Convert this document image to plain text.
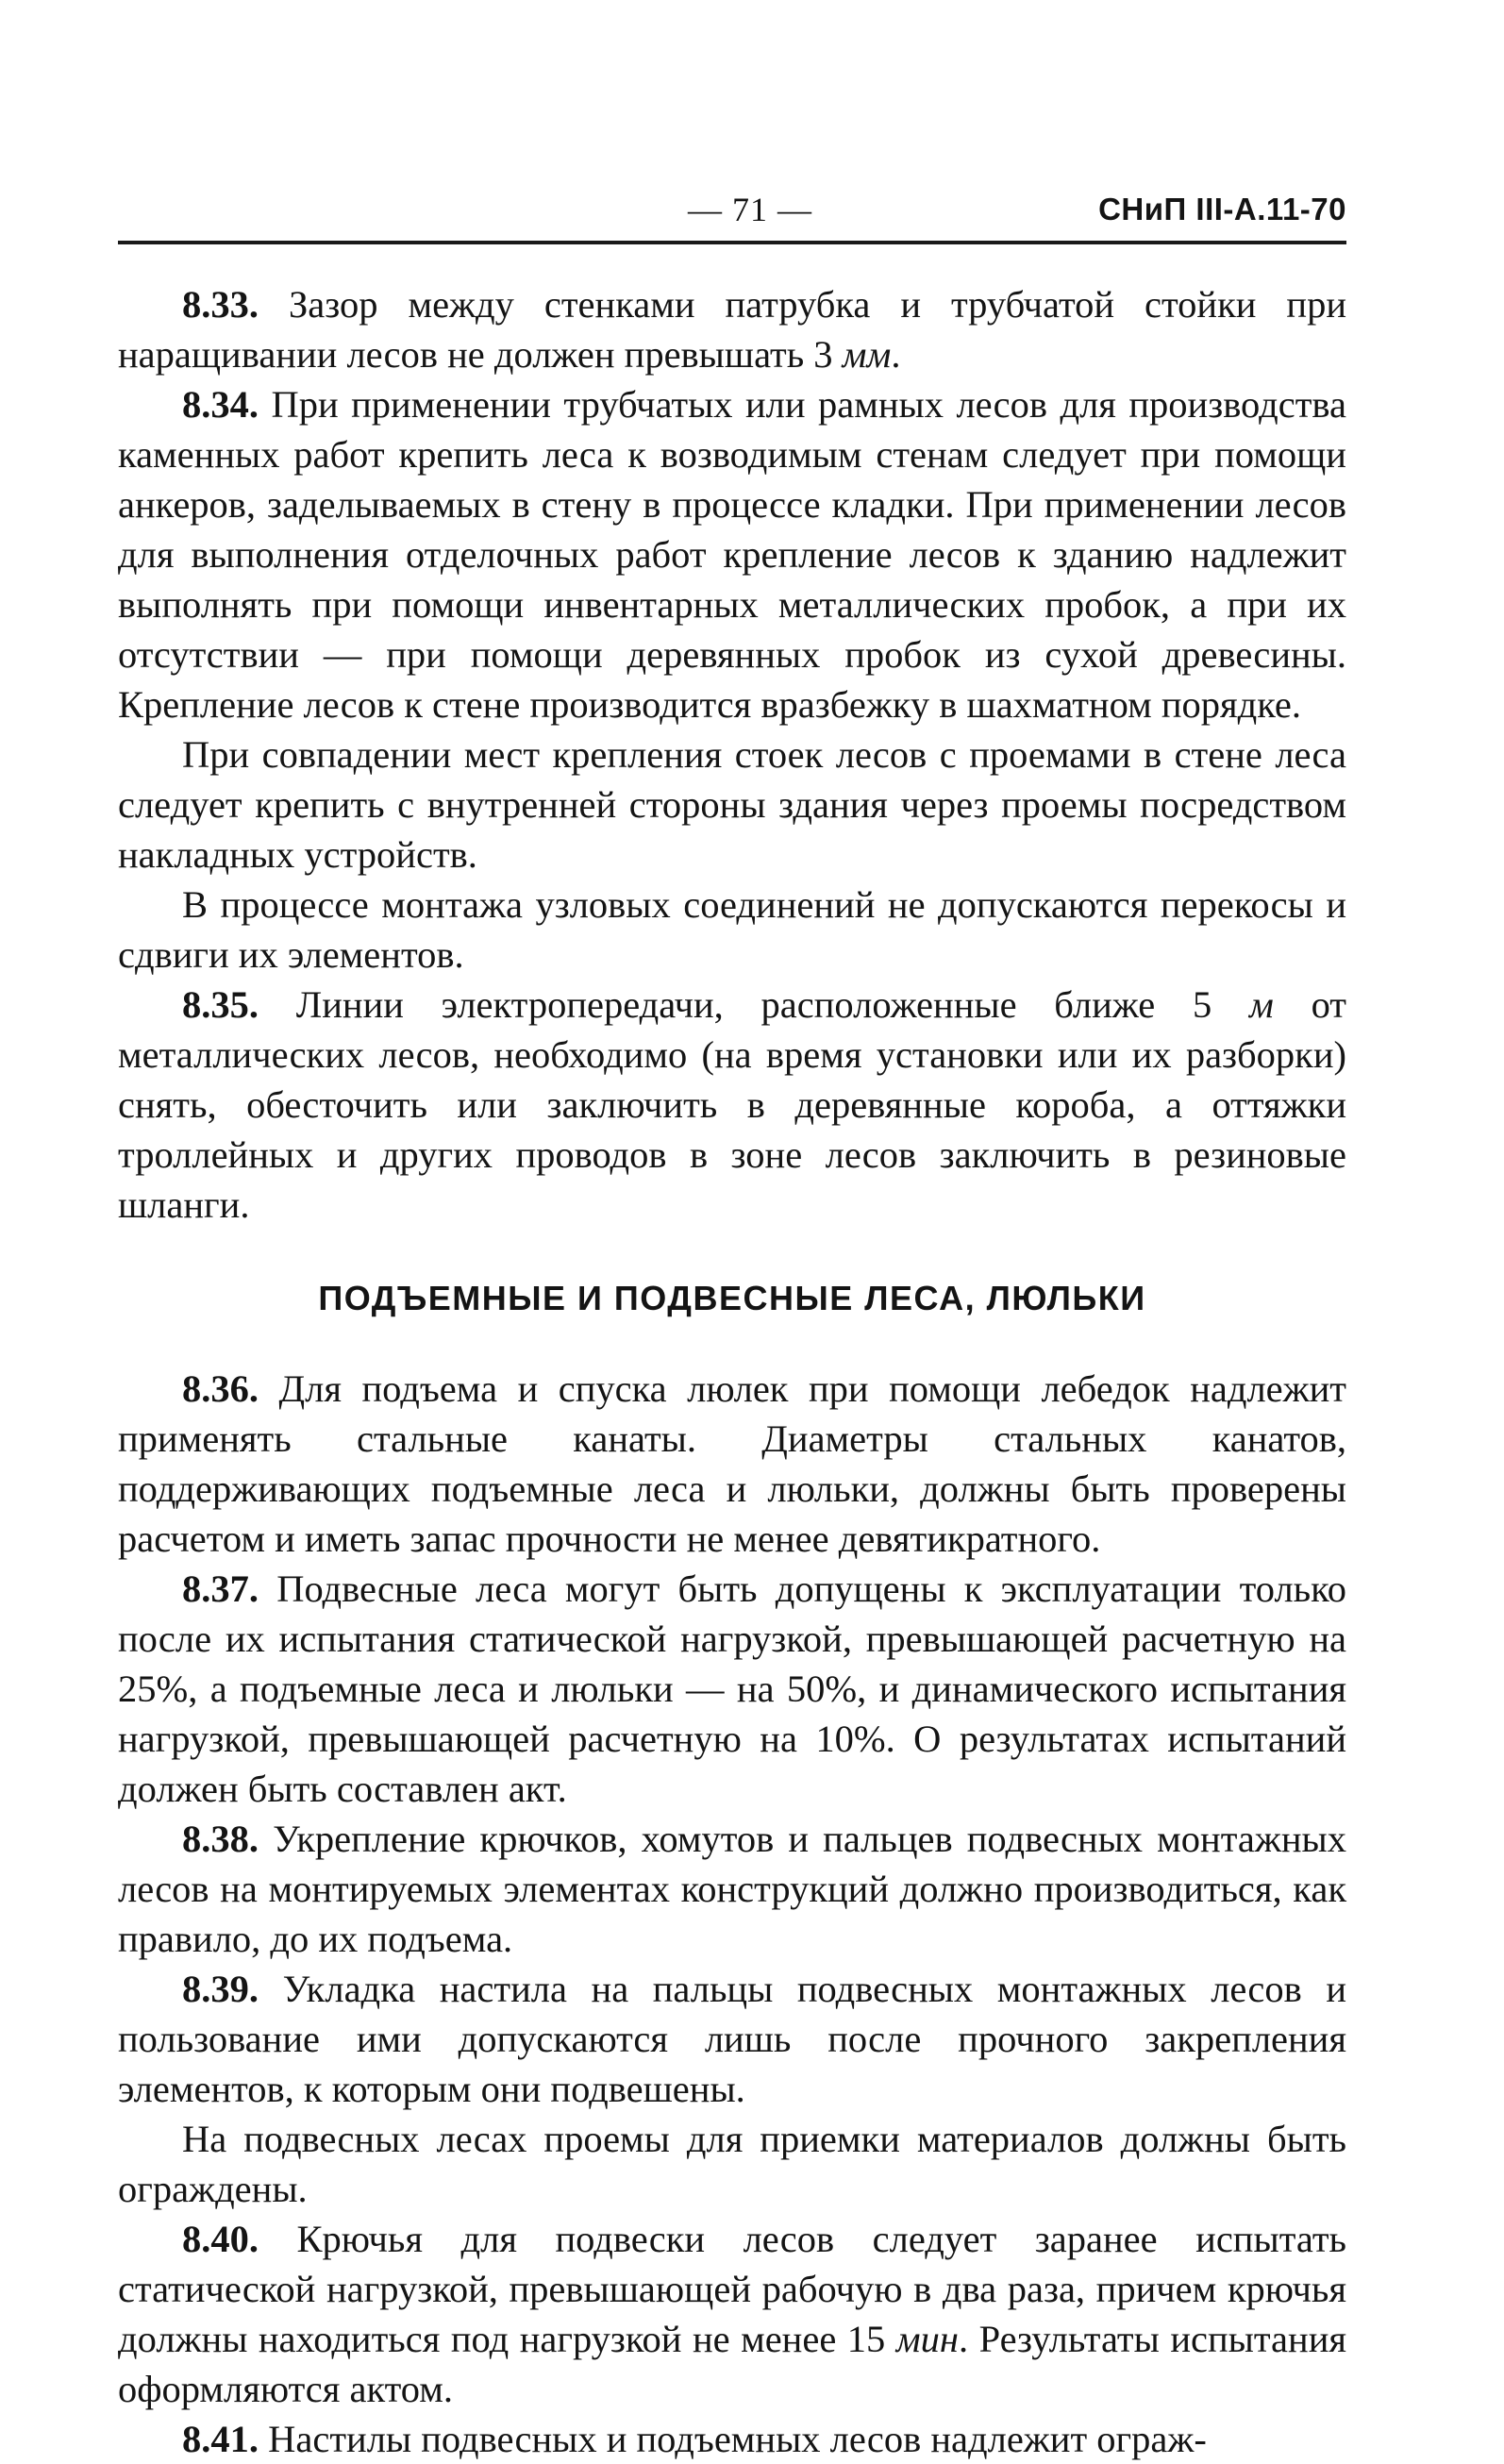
— 71 —	СНиП III-А.11-70

8.33. Зазор между стенками патрубка и трубчатой стойки при наращивании лесов не должен превышать 3 мм.

8.34. При применении трубчатых или рамных лесов для производства каменных работ крепить леса к возводимым стенам следует при помощи анкеров, заделываемых в стену в процессе кладки. При применении лесов для выполнения отделочных работ крепление лесов к зданию надлежит выполнять при помощи инвентарных металлических пробок, а при их отсутствии — при помощи деревянных пробок из сухой древесины. Крепление лесов к стене производится вразбежку в шахматном порядке.

При совпадении мест крепления стоек лесов с проемами в стене леса следует крепить с внутренней стороны здания через проемы посредством накладных устройств.

В процессе монтажа узловых соединений не допускаются перекосы и сдвиги их элементов.

8.35. Линии электропередачи, расположенные ближе 5 м от металлических лесов, необходимо (на время установки или их разборки) снять, обесточить или заключить в деревянные короба, а оттяжки троллейных и других проводов в зоне лесов заключить в резиновые шланги.

ПОДЪЕМНЫЕ И ПОДВЕСНЫЕ ЛЕСА, ЛЮЛЬКИ

8.36. Для подъема и спуска люлек при помощи лебедок надлежит применять стальные канаты. Диаметры стальных канатов, поддерживающих подъемные леса и люльки, должны быть проверены расчетом и иметь запас прочности не менее девятикратного.

8.37. Подвесные леса могут быть допущены к эксплуатации только после их испытания статической нагрузкой, превышающей расчетную на 25%, а подъемные леса и люльки — на 50%, и динамического испытания нагрузкой, превышающей расчетную на 10%. О результатах испытаний должен быть составлен акт.

8.38. Укрепление крючков, хомутов и пальцев подвесных монтажных лесов на монтируемых элементах конструкций должно производиться, как правило, до их подъема.

8.39. Укладка настила на пальцы подвесных монтажных лесов и пользование ими допускаются лишь после прочного закрепления элементов, к которым они подвешены.

На подвесных лесах проемы для приемки материалов должны быть ограждены.

8.40. Крючья для подвески лесов следует заранее испытать статической нагрузкой, превышающей рабочую в два раза, причем крючья должны находиться под нагрузкой не менее 15 мин. Результаты испытания оформляются актом.

8.41. Настилы подвесных и подъемных лесов надлежит ограж-
